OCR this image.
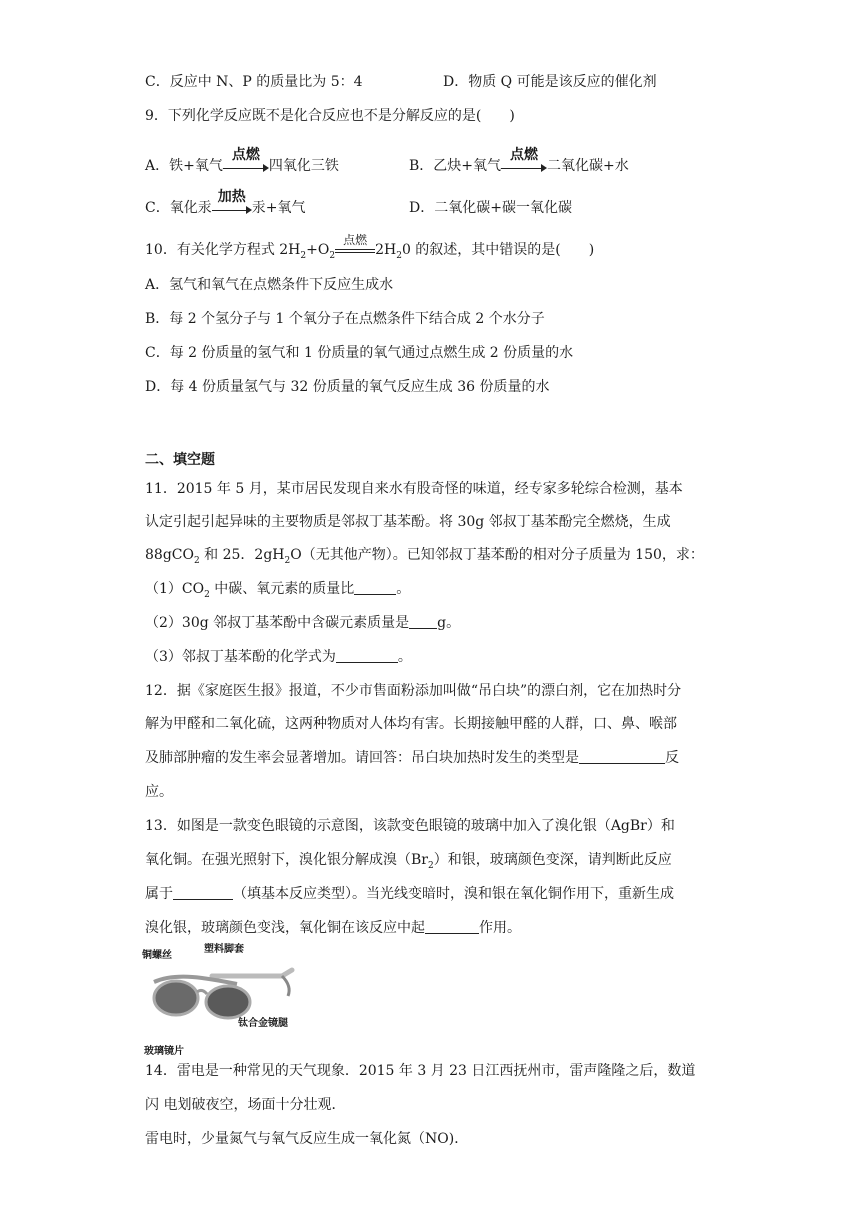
C．反应中 N、P 的质量比为 5：4	D．物质 Q 可能是该反应的催化剂
9．下列化学反应既不是化合反应也不是分解反应的是(　　)
A．铁+氧气
点燃
四氧化三铁	B．乙炔+氧气
点燃
二氧化碳+水
C．氧化汞
加热
汞+氧气	D．二氧化碳+碳一氧化碳
10．有关化学方程式 $2H_2+O_2$
点燃
$2H_20$ 的叙述，其中错误的是(　　)
A．氢气和氧气在点燃条件下反应生成水
B．每 2 个氢分子与 1 个氧分子在点燃条件下结合成 2 个水分子
C．每 2 份质量的氢气和 1 份质量的氧气通过点燃生成 2 份质量的水
D．每 4 份质量氢气与 32 份质量的氧气反应生成 36 份质量的水
二、填空题
11．2015 年 5 月，某市居民发现自来水有股奇怪的味道，经专家多轮综合检测，基本
认定引起引起异味的主要物质是邻叔丁基苯酚。将 30g 邻叔丁基苯酚完全燃烧，生成
88gCO$_2$ 和 25．$2gH_2O$（无其他产物）。已知邻叔丁基苯酚的相对分子质量为 150，求：
$(1)CO_2$ 中碳、氧元素的质量比	。
（2）30g 邻叔丁基苯酚中含碳元素质量是 g。
（3）邻叔丁基苯酚的化学式为	。
12．据《家庭医生报》报道，不少市售面粉添加叫做“吊白块”的漂白剂，它在加热时分
解为甲醛和二氧化硫，这两种物质对人体均有害。长期接触甲醛的人群，口、鼻、喉部
及肺部肿瘤的发生率会显著增加。请回答：吊白块加热时发生的类型是	反
应。
13．如图是一款变色眼镜的示意图，该款变色眼镜的玻璃中加入了溴化银（AgBr）和
氧化铜。在强光照射下，溴化银分解成溴$(Br_2)$和银，玻璃颜色变深，请判断此反应
属于	（填基本反应类型）。当光线变暗时，溴和银在氧化铜作用下，重新生成
溴化银，玻璃颜色变浅，氧化铜在该反应中起	作用。
铜螺丝
塑料脚套
钛合金镜腿
玻璃镜片
14．雷电是一种常见的天气现象．2015 年 3 月 23 日江西抚州市，雷声隆隆之后，数道
闪 电划破夜空，场面十分壮观．
雷电时，少量氮气与氧气反应生成一氧化氮（NO)．
